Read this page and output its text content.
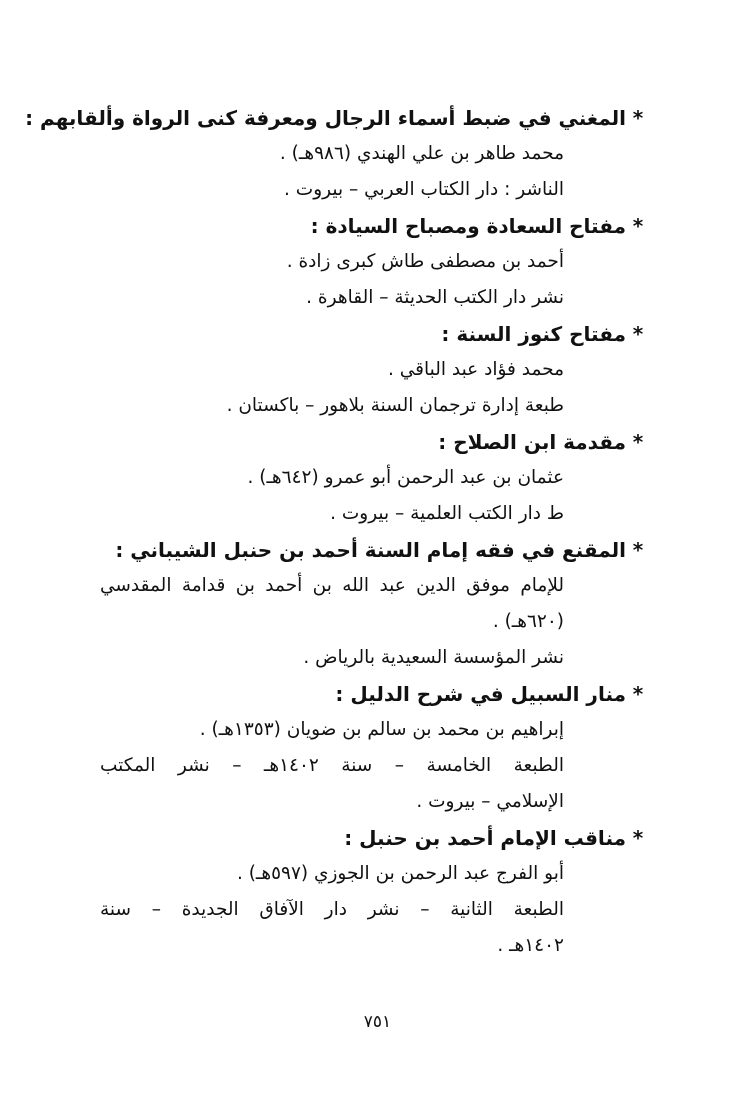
*المغني في ضبط أسماء الرجال ومعرفة كنى الرواة وألقابهم :
محمد طاهر بن علي الهندي (٩٨٦هـ) .
الناشر : دار الكتاب العربي – بيروت .
*مفتاح السعادة ومصباح السيادة :
أحمد بن مصطفى طاش كبرى زادة .
نشر دار الكتب الحديثة – القاهرة .
*مفتاح كنوز السنة :
محمد فؤاد عبد الباقي .
طبعة إدارة ترجمان السنة بلاهور – باكستان .
*مقدمة ابن الصلاح :
عثمان بن عبد الرحمن أبو عمرو (٦٤٢هـ) .
ط دار الكتب العلمية – بيروت .
*المقنع في فقه إمام السنة أحمد بن حنبل الشيباني :
للإمام موفق الدين عبد الله بن أحمد بن قدامة المقدسي
(٦٢٠هـ) .
نشر المؤسسة السعيدية بالرياض .
*منار السبيل في شرح الدليل :
إبراهيم بن محمد بن سالم بن ضويان (١٣٥٣هـ) .
الطبعة الخامسة – سنة ١٤٠٢هـ – نشر المكتب
الإسلامي – بيروت .
*مناقب الإمام أحمد بن حنبل :
أبو الفرج عبد الرحمن بن الجوزي (٥٩٧هـ) .
الطبعة الثانية – نشر دار الآفاق الجديدة – سنة
١٤٠٢هـ .
٧٥١
